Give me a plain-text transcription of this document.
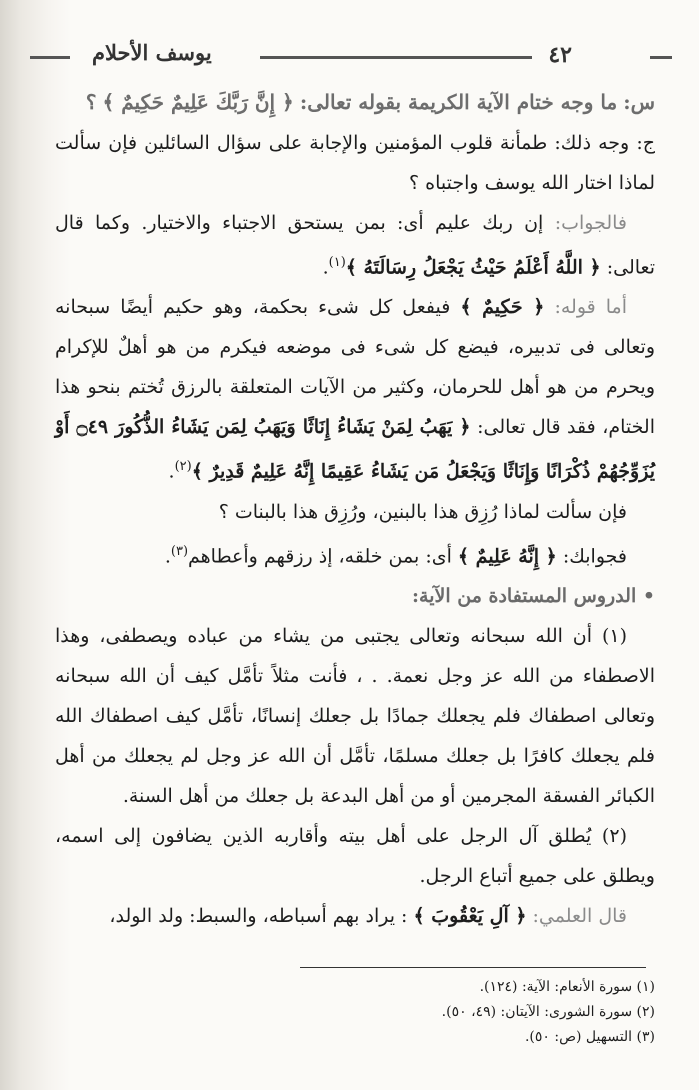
٤٢
يوسف الأحلام

س: ما وجه ختام الآية الكريمة بقوله تعالى: ﴿ إِنَّ رَبَّكَ عَلِيمٌ حَكِيمٌ ﴾ ؟

ج: وجه ذلك: طمأنة قلوب المؤمنين والإجابة على سؤال السائلين فإن سألت لماذا اختار الله يوسف واجتباه ؟

فالجواب: إن ربك عليم أى: بمن يستحق الاجتباء والاختيار. وكما قال تعالى: ﴿ اللَّهُ أَعْلَمُ حَيْثُ يَجْعَلُ رِسَالَتَهُ ﴾$^{(١)}$.

أما قوله: ﴿ حَكِيمٌ ﴾ فيفعل كل شىء بحكمة، وهو حكيم أيضًا سبحانه وتعالى فى تدبيره، فيضع كل شىء فى موضعه فيكرم من هو أهلٌ للإكرام ويحرم من هو أهل للحرمان، وكثير من الآيات المتعلقة بالرزق تُختم بنحو هذا الختام، فقد قال تعالى: ﴿ يَهَبُ لِمَنْ يَشَاءُ إِنَاثًا وَيَهَبُ لِمَن يَشَاءُ الذُّكُورَ ۝٤٩ أَوْ يُزَوِّجُهُمْ ذُكْرَانًا وَإِنَاثًا وَيَجْعَلُ مَن يَشَاءُ عَقِيمًا إِنَّهُ عَلِيمٌ قَدِيرٌ ﴾$^{(٢)}$.

فإن سألت لماذا رُزِق هذا بالبنين، ورُزِق هذا بالبنات ؟

فجوابك: ﴿ إِنَّهُ عَلِيمٌ ﴾ أى: بمن خلقه، إذ رزقهم وأعطاهم$^{(٣)}$.

• الدروس المستفادة من الآية:

(١) أن الله سبحانه وتعالى يجتبى من يشاء من عباده ويصطفى، وهذا الاصطفاء من الله عز وجل نعمة. . ، فأنت مثلاً تأمَّل كيف أن الله سبحانه وتعالى اصطفاك فلم يجعلك جمادًا بل جعلك إنسانًا، تأمَّل كيف اصطفاك الله فلم يجعلك كافرًا بل جعلك مسلمًا، تأمَّل أن الله عز وجل لم يجعلك من أهل الكبائر الفسقة المجرمين أو من أهل البدعة بل جعلك من أهل السنة.

(٢) يُطلق آل الرجل على أهل بيته وأقاربه الذين يضافون إلى اسمه، ويطلق على جميع أتباع الرجل.

قال العلمي: ﴿ آلِ يَعْقُوبَ ﴾ : يراد بهم أسباطه، والسبط: ولد الولد،

(١) سورة الأنعام: الآية: (١٢٤).
(٢) سورة الشورى: الآيتان: (٤٩، ٥٠).
(٣) التسهيل (ص: ٥٠).
